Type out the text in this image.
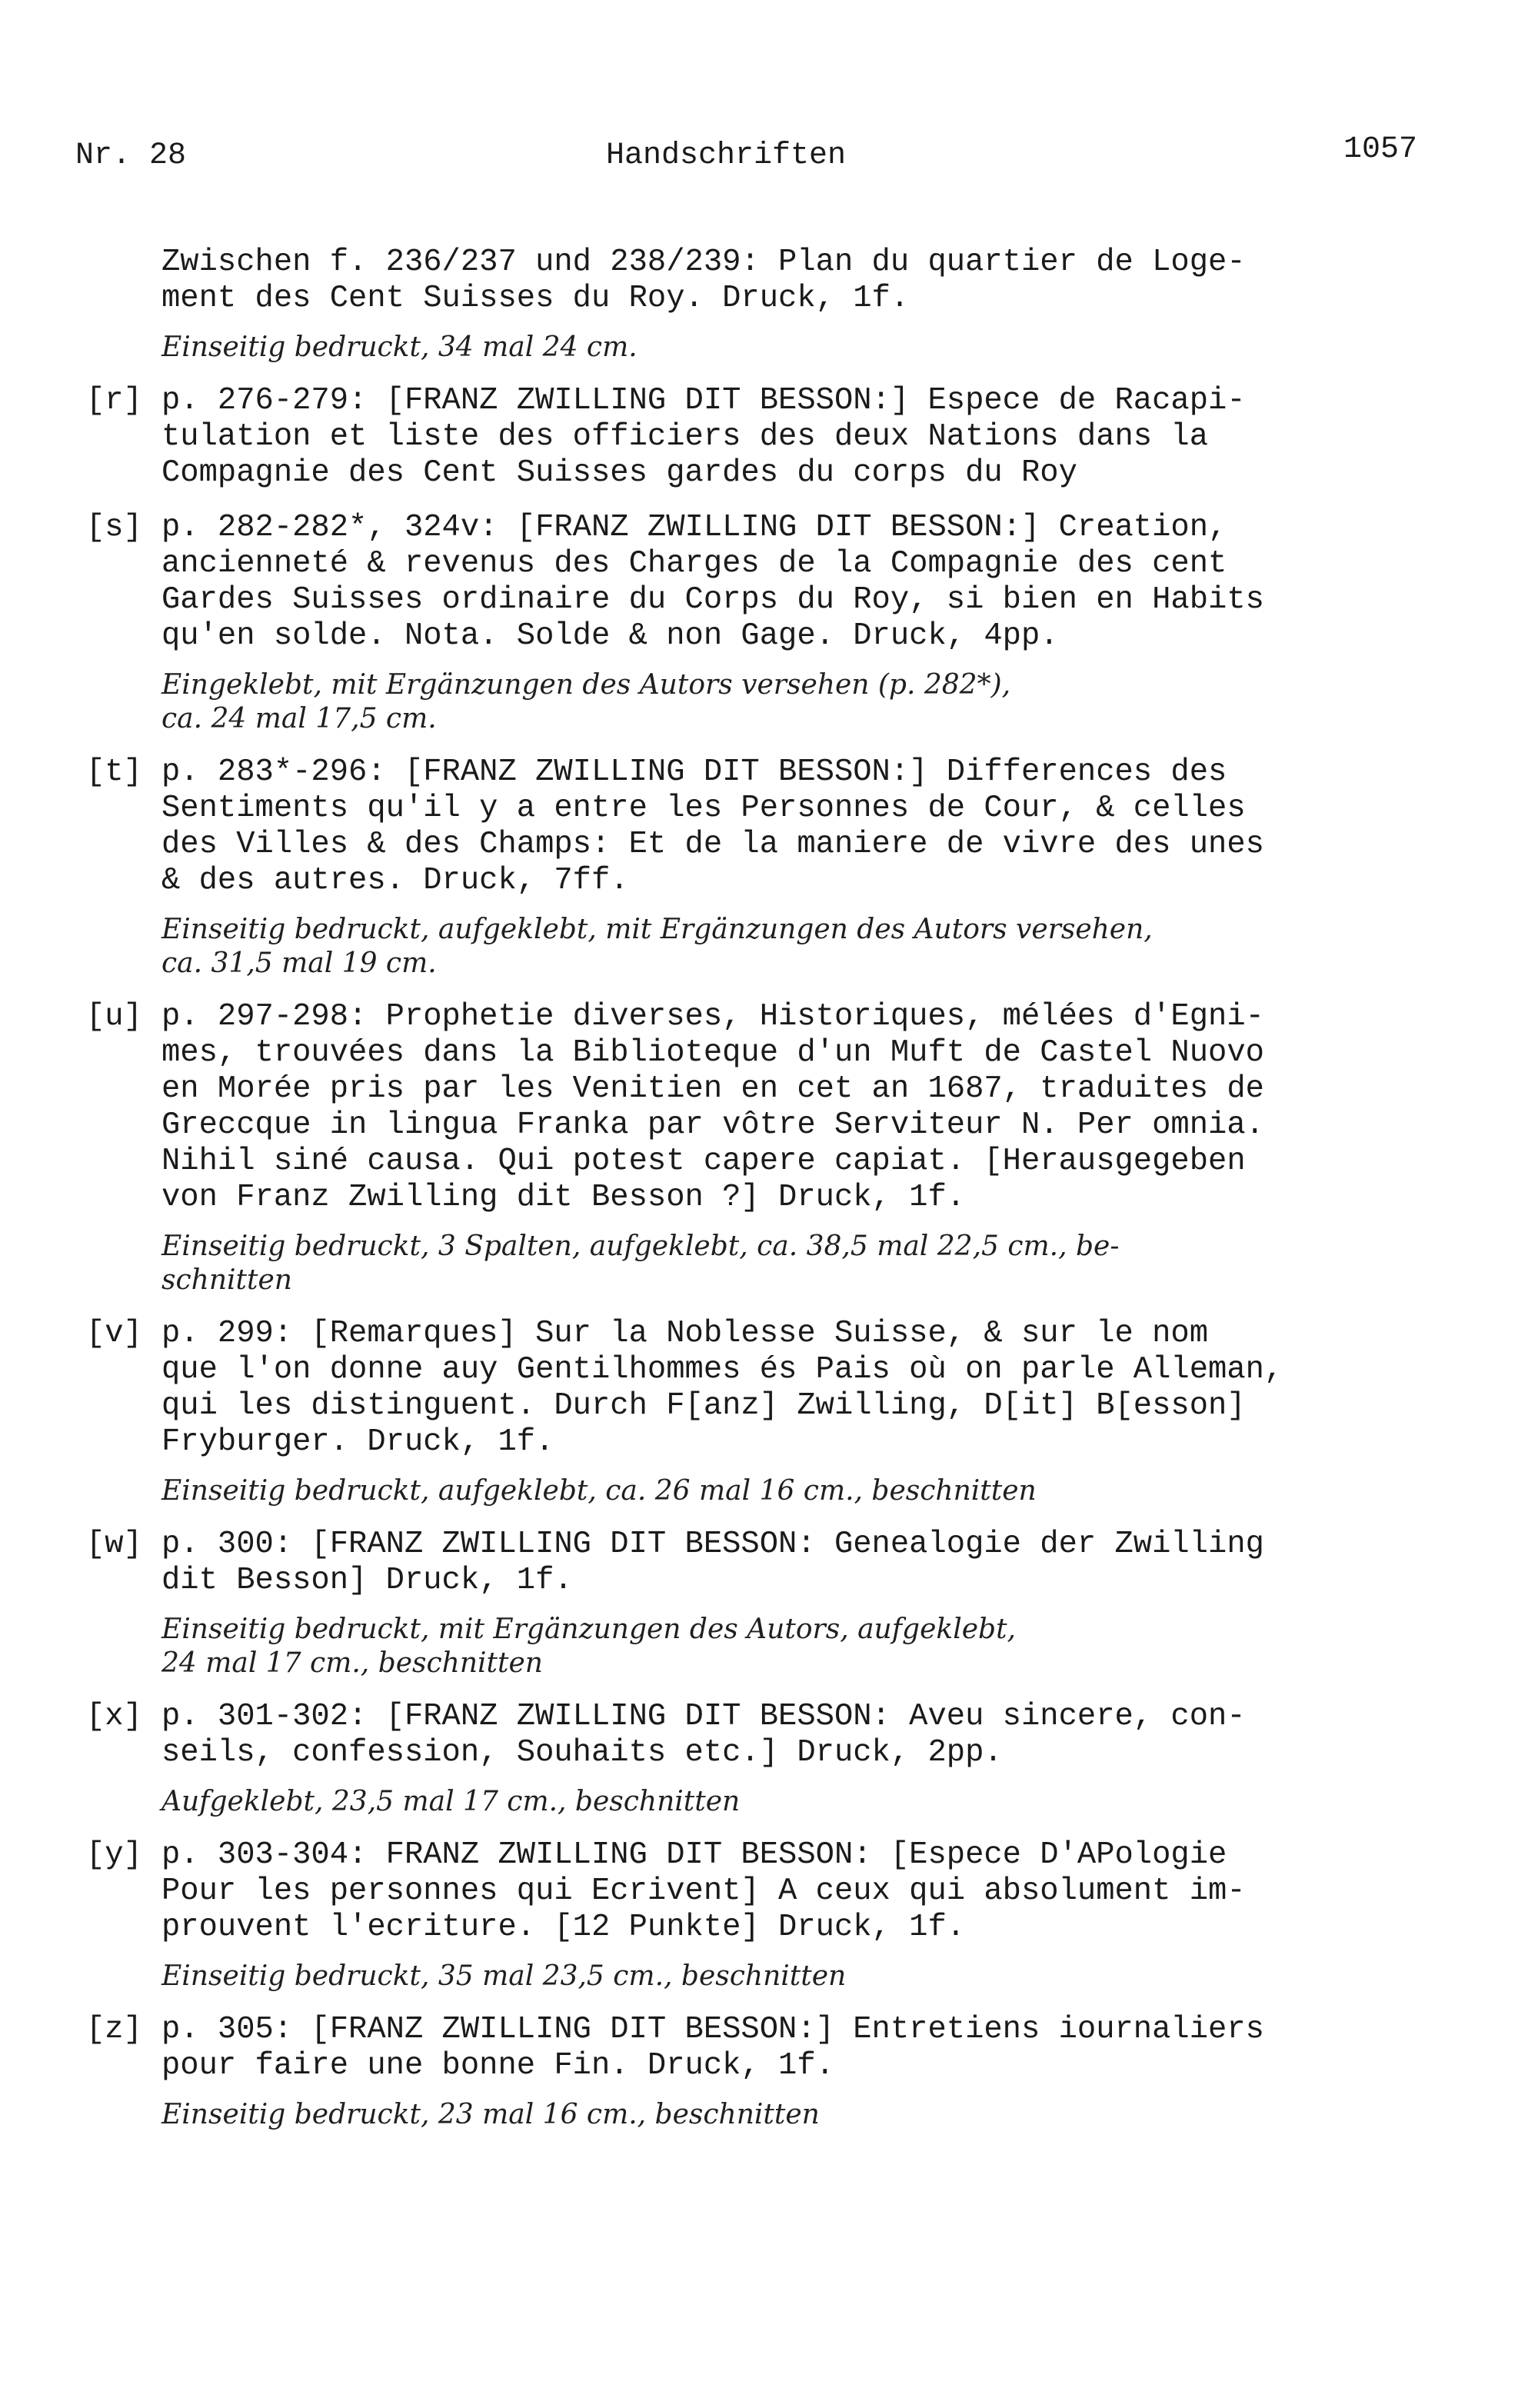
Nr. 28	Handschriften	1057

Zwischen f. 236/237 und 238/239: Plan du quartier de Loge-
ment des Cent Suisses du Roy. Druck, 1f.

Einseitig bedruckt, 34 mal 24 cm.

[r] p. 276-279: [FRANZ ZWILLING DIT BESSON:] Espece de Racapi-
tulation et liste des officiers des deux Nations dans la
Compagnie des Cent Suisses gardes du corps du Roy

[s] p. 282-282*, 324v: [FRANZ ZWILLING DIT BESSON:] Creation,
ancienneté & revenus des Charges de la Compagnie des cent
Gardes Suisses ordinaire du Corps du Roy, si bien en Habits
qu'en solde. Nota. Solde & non Gage. Druck, 4pp.

Eingeklebt, mit Ergänzungen des Autors versehen (p. 282*),
ca. 24 mal 17,5 cm.

[t] p. 283*-296: [FRANZ ZWILLING DIT BESSON:] Differences des
Sentiments qu'il y a entre les Personnes de Cour, & celles
des Villes & des Champs: Et de la maniere de vivre des unes
& des autres. Druck, 7ff.

Einseitig bedruckt, aufgeklebt, mit Ergänzungen des Autors versehen,
ca. 31,5 mal 19 cm.

[u] p. 297-298: Prophetie diverses, Historiques, mélées d'Egni-
mes, trouvées dans la Biblioteque d'un Muft de Castel Nuovo
en Morée pris par les Venitien en cet an 1687, traduites de
Greccque in lingua Franka par vôtre Serviteur N. Per omnia.
Nihil siné causa. Qui potest capere capiat. [Herausgegeben
von Franz Zwilling dit Besson ?] Druck, 1f.

Einseitig bedruckt, 3 Spalten, aufgeklebt, ca. 38,5 mal 22,5 cm., be-
schnitten

[v] p. 299: [Remarques] Sur la Noblesse Suisse, & sur le nom
que l'on donne auy Gentilhommes és Pais où on parle Alleman,
qui les distinguent. Durch F[anz] Zwilling, D[it] B[esson]
Fryburger. Druck, 1f.

Einseitig bedruckt, aufgeklebt, ca. 26 mal 16 cm., beschnitten

[w] p. 300: [FRANZ ZWILLING DIT BESSON: Genealogie der Zwilling
dit Besson] Druck, 1f.

Einseitig bedruckt, mit Ergänzungen des Autors, aufgeklebt,
24 mal 17 cm., beschnitten

[x] p. 301-302: [FRANZ ZWILLING DIT BESSON: Aveu sincere, con-
seils, confession, Souhaits etc.] Druck, 2pp.

Aufgeklebt, 23,5 mal 17 cm., beschnitten

[y] p. 303-304: FRANZ ZWILLING DIT BESSON: [Espece D'APologie
Pour les personnes qui Ecrivent] A ceux qui absolument im-
prouvent l'ecriture. [12 Punkte] Druck, 1f.

Einseitig bedruckt, 35 mal 23,5 cm., beschnitten

[z] p. 305: [FRANZ ZWILLING DIT BESSON:] Entretiens iournaliers
pour faire une bonne Fin. Druck, 1f.

Einseitig bedruckt, 23 mal 16 cm., beschnitten
